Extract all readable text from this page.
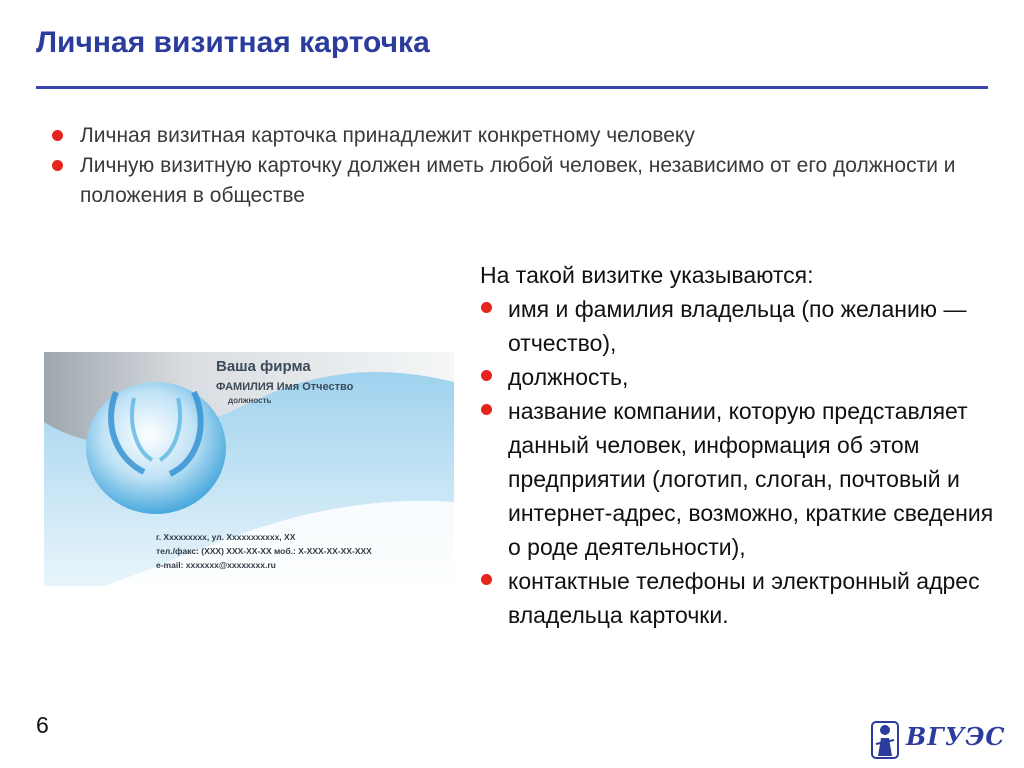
Личная визитная карточка
Личная визитная карточка принадлежит конкретному человеку
Личную визитную карточку должен иметь любой человек, независимо от его должности и положения в обществе
Ваша фирма
ФАМИЛИЯ Имя Отчество
должность
г. Ххххххххх, ул. Ххххххххххх, ХХ
тел./факс: (ХХХ) ХХХ-ХХ-ХХ моб.: Х-ХХХ-ХХ-ХХ-ХХХ
e-mail: xxxxxxx@xxxxxxxx.ru
На такой визитке указываются:
имя и фамилия владельца (по желанию — отчество),
должность,
название компании, которую представляет данный человек, информация об этом предприятии (логотип, слоган, почтовый и интернет-адрес, возможно, краткие сведения о роде деятельности),
контактные телефоны и электронный адрес владельца карточки.
6	ВГУЭС
